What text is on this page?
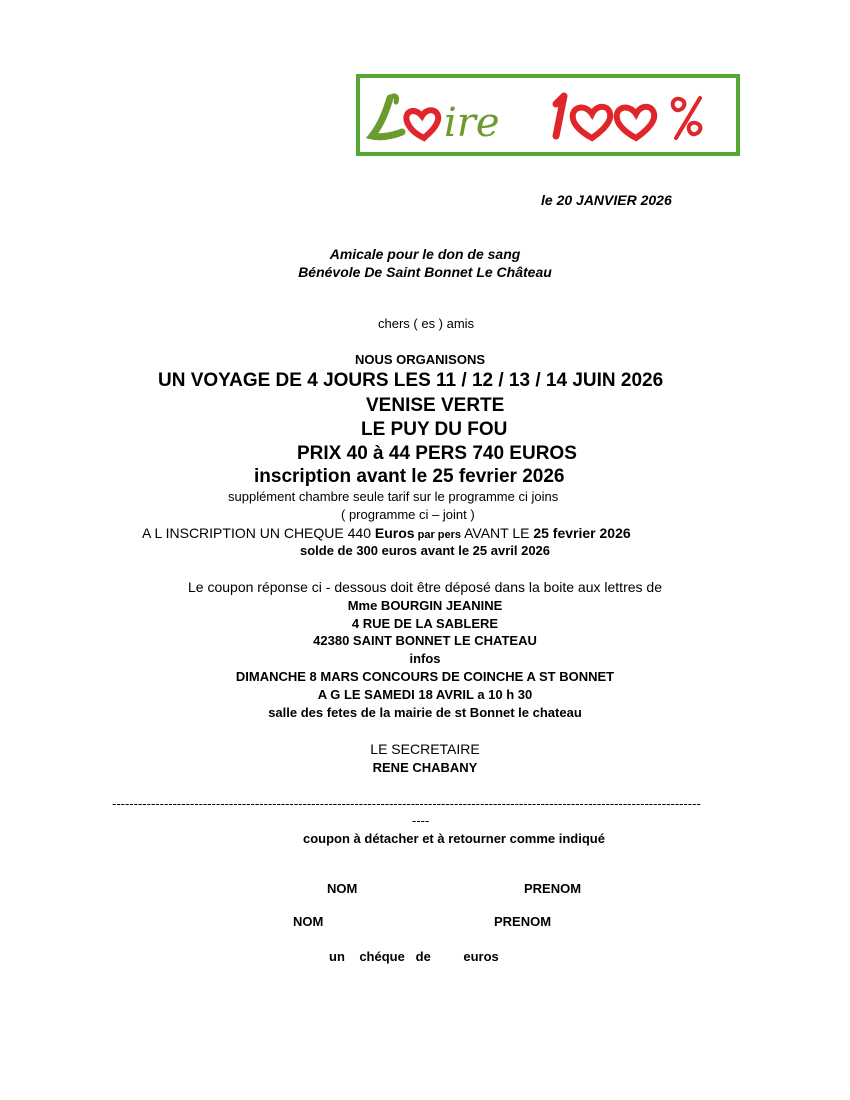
ire
le 20 JANVIER 2026
Amicale pour le don de sang
Bénévole De Saint Bonnet Le Château
chers ( es ) amis
NOUS ORGANISONS
UN VOYAGE DE 4 JOURS LES 11 / 12 / 13 / 14 JUIN 2026
VENISE VERTE
LE PUY DU FOU
PRIX 40 à 44 PERS 740 EUROS
inscription avant le 25 fevrier 2026
supplément chambre seule tarif sur le programme ci joins
( programme ci – joint )
A L INSCRIPTION UN CHEQUE 440 Euros par pers AVANT LE 25 fevrier 2026
solde de 300 euros avant le 25 avril 2026
Le coupon réponse ci - dessous doit être déposé dans la boite aux lettres de
Mme BOURGIN JEANINE
4 RUE DE LA SABLERE
42380 SAINT BONNET LE CHATEAU
infos
DIMANCHE 8 MARS CONCOURS DE COINCHE A ST BONNET
A G LE SAMEDI 18 AVRIL a 10 h 30
salle des fetes de la mairie de st Bonnet le chateau
LE SECRETAIRE
RENE CHABANY
----------------------------------------------------------------------------------------------------------------------------------------
----
coupon à détacher et à retourner comme indiqué
NOM	PRENOM
NOM	PRENOM
un    chéque   de         euros
